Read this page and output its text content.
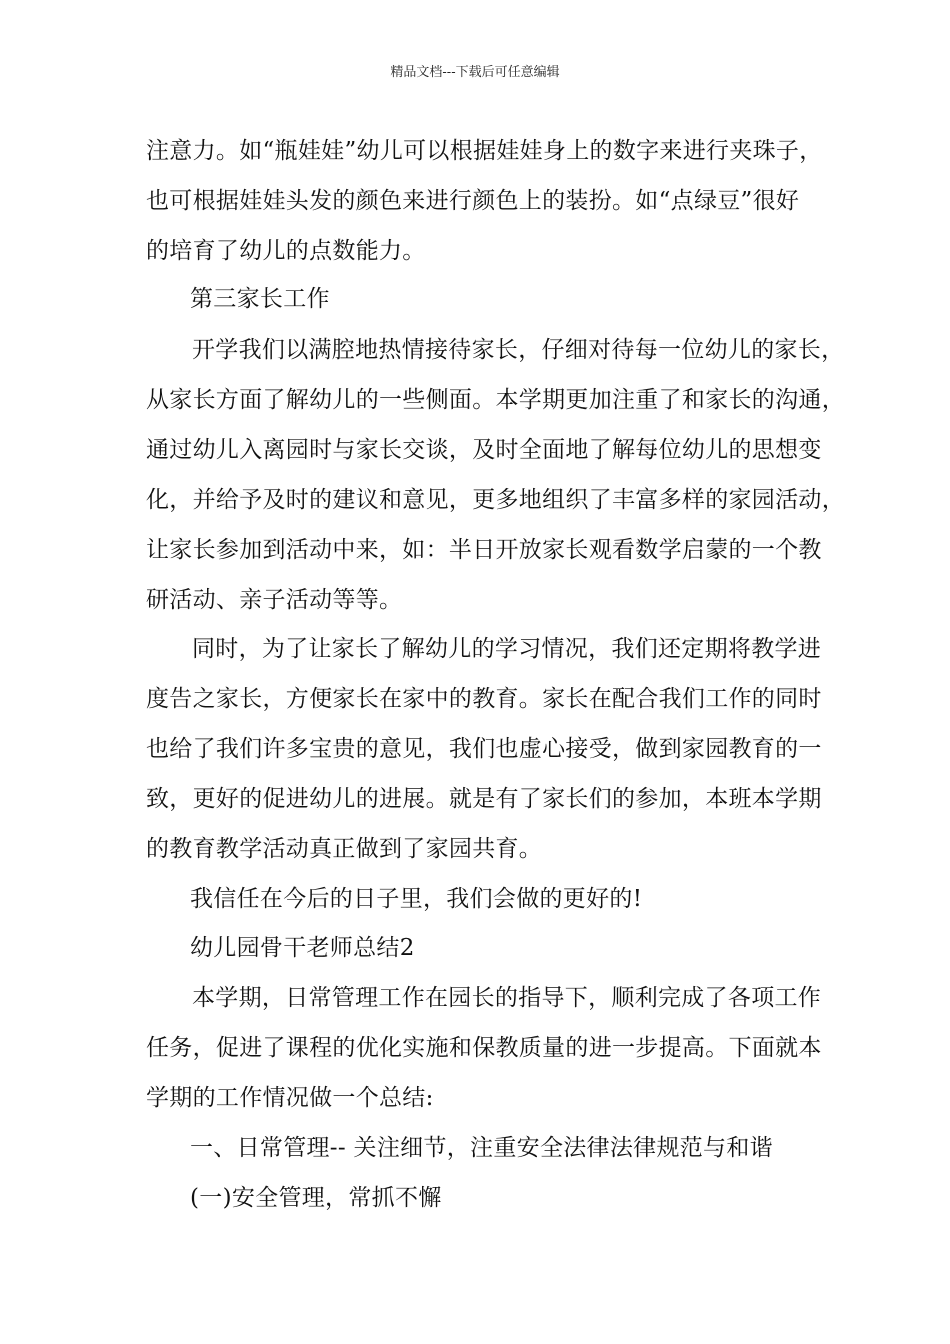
精品文档---下载后可任意编辑
注意力。如“瓶娃娃”幼儿可以根据娃娃身上的数字来进行夹珠子，
也可根据娃娃头发的颜色来进行颜色上的装扮。如“点绿豆”很好
的培育了幼儿的点数能力。
第三家长工作
开学我们以满腔地热情接待家长，仔细对待每一位幼儿的家长，
从家长方面了解幼儿的一些侧面。本学期更加注重了和家长的沟通，
通过幼儿入离园时与家长交谈，及时全面地了解每位幼儿的思想变
化，并给予及时的建议和意见，更多地组织了丰富多样的家园活动，
让家长参加到活动中来，如：半日开放家长观看数学启蒙的一个教
研活动、亲子活动等等。
同时，为了让家长了解幼儿的学习情况，我们还定期将教学进
度告之家长，方便家长在家中的教育。家长在配合我们工作的同时
也给了我们许多宝贵的意见，我们也虚心接受，做到家园教育的一
致，更好的促进幼儿的进展。就是有了家长们的参加，本班本学期
的教育教学活动真正做到了家园共育。
我信任在今后的日子里，我们会做的更好的!
幼儿园骨干老师总结2
本学期，日常管理工作在园长的指导下，顺利完成了各项工作
任务，促进了课程的优化实施和保教质量的进一步提高。下面就本
学期的工作情况做一个总结:
一、日常管理-- 关注细节，注重安全法律法律规范与和谐
(一)安全管理，常抓不懈
